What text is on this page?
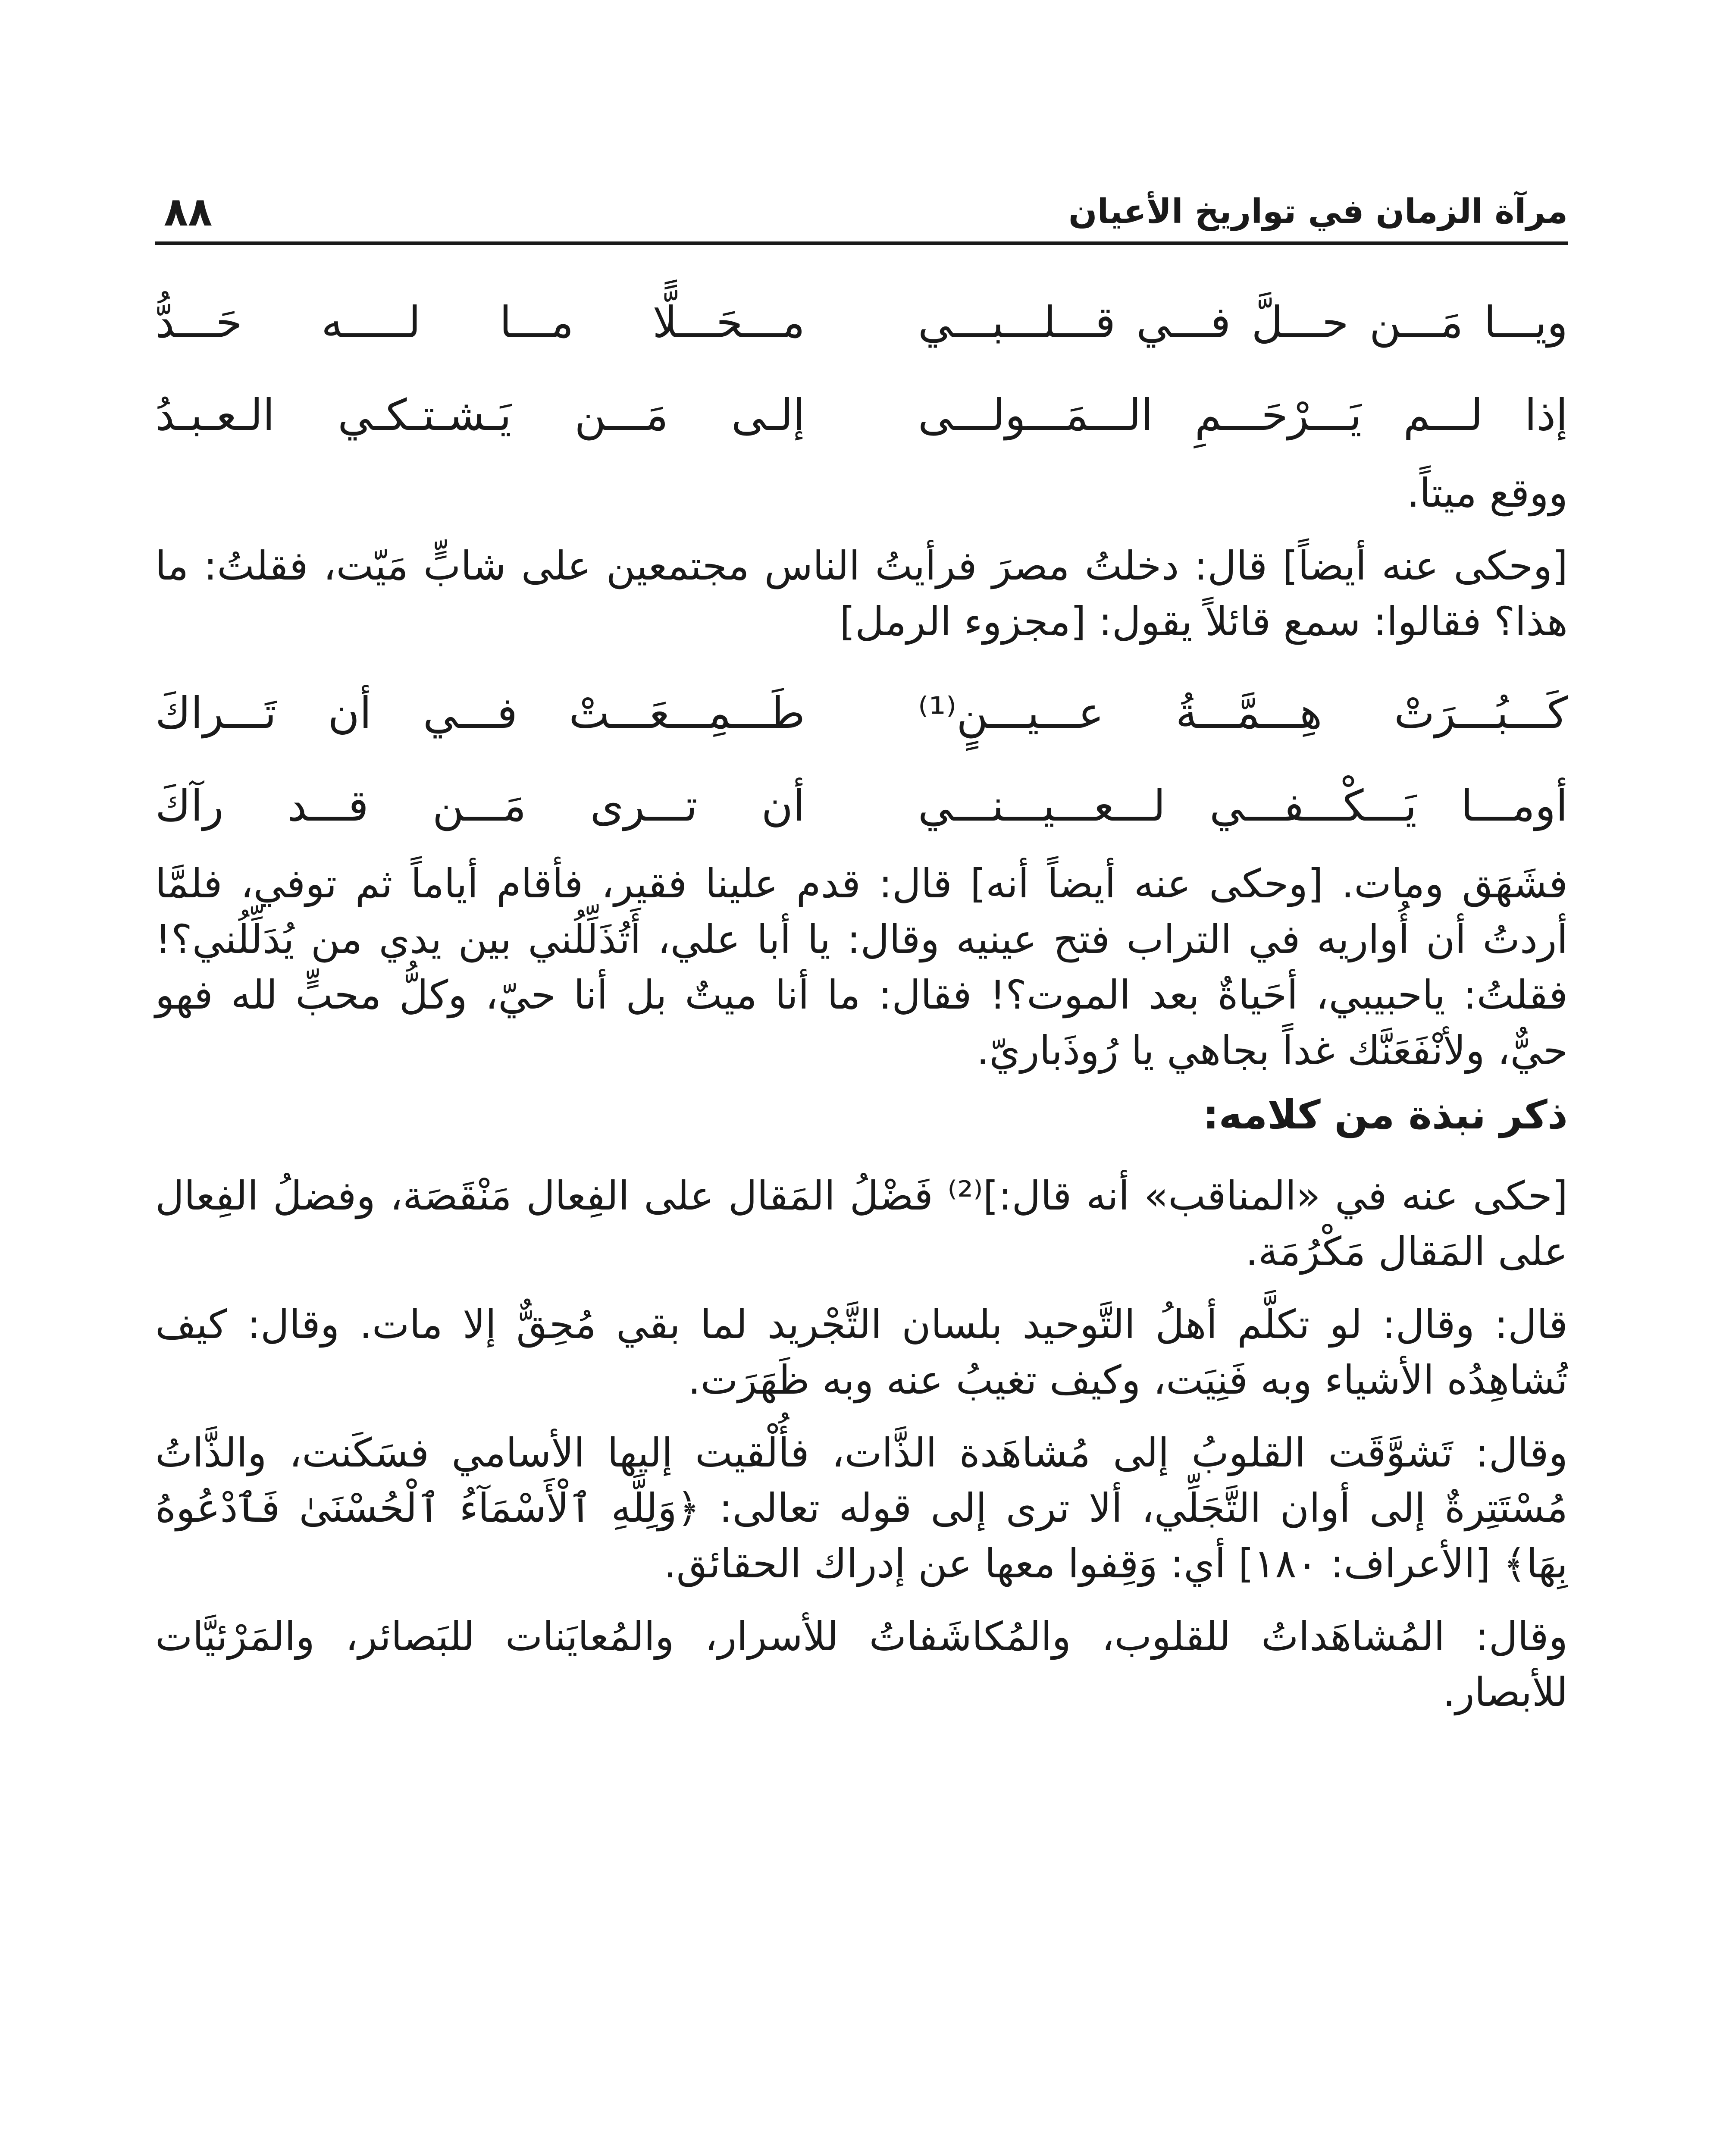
مرآة الزمان في تواريخ الأعيان
٨٨
ويـــا مَـــن حـــلَّ فـــي قـــلـــبـــي
مـــحَـــلًّا مـــا لـــــه حَـــدُّ
إذا لـــم يَـــرْحَـــمِ الـــمَـــولـــى
إلـى مَـــن يَـشـتـكـي الـعـبـدُ

ووقع ميتاً.

[وحكى عنه أيضاً] قال: دخلتُ مصرَ فرأيتُ الناس مجتمعين على شابٍّ مَيّت، فقلتُ: ما هذا؟ فقالوا: سمع قائلاً يقول: [مجزوء الرمل]

كَـــبُـــرَتْ هِـــمَّـــةُ عـــيـــنٍ⁽¹⁾
طَـــمِـــعَـــتْ فـــي أن تَـــراكَ
أومـــا يَـــكْـــفـــي لـــعـــيـــنـــي
أن تـــرى مَـــن قـــد رآكَ

فشَهَق ومات. [وحكى عنه أيضاً أنه] قال: قدم علينا فقير، فأقام أياماً ثم توفي، فلمَّا أردتُ أن أُواريه في التراب فتح عينيه وقال: يا أبا علي، أَتُذَلِّلُني بين يدي من يُدَلِّلُني؟! فقلتُ: ياحبيبي، أحَياةٌ بعد الموت؟! فقال: ما أنا ميتٌ بل أنا حيّ، وكلُّ محبٍّ لله فهو حيٌّ، ولأنْفَعَنَّك غداً بجاهي يا رُوذَباريّ.

ذكر نبذة من كلامه:

[حكى عنه في «المناقب» أنه قال:]⁽²⁾ فَضْلُ المَقال على الفِعال مَنْقَصَة، وفضلُ الفِعال على المَقال مَكْرُمَة.

قال: وقال: لو تكلَّم أهلُ التَّوحيد بلسان التَّجْريد لما بقي مُحِقٌّ إلا مات. وقال: كيف تُشاهِدُه الأشياء وبه فَنِيَت، وكيف تغيبُ عنه وبه ظَهَرَت.

وقال: تَشوَّقَت القلوبُ إلى مُشاهَدة الذَّات، فأُلْقيت إليها الأسامي فسَكَنت، والذَّاتُ مُسْتَتِرةٌ إلى أوان التَّجَلِّي، ألا ترى إلى قوله تعالى: ﴿وَلِلَّهِ ٱلْأَسْمَآءُ ٱلْحُسْنَىٰ فَٱدْعُوهُ بِهَا﴾ [الأعراف: ١٨٠] أي: وَقِفوا معها عن إدراك الحقائق.

وقال: المُشاهَداتُ للقلوب، والمُكاشَفاتُ للأسرار، والمُعايَنات للبَصائر، والمَرْئيَّات للأبصار.
